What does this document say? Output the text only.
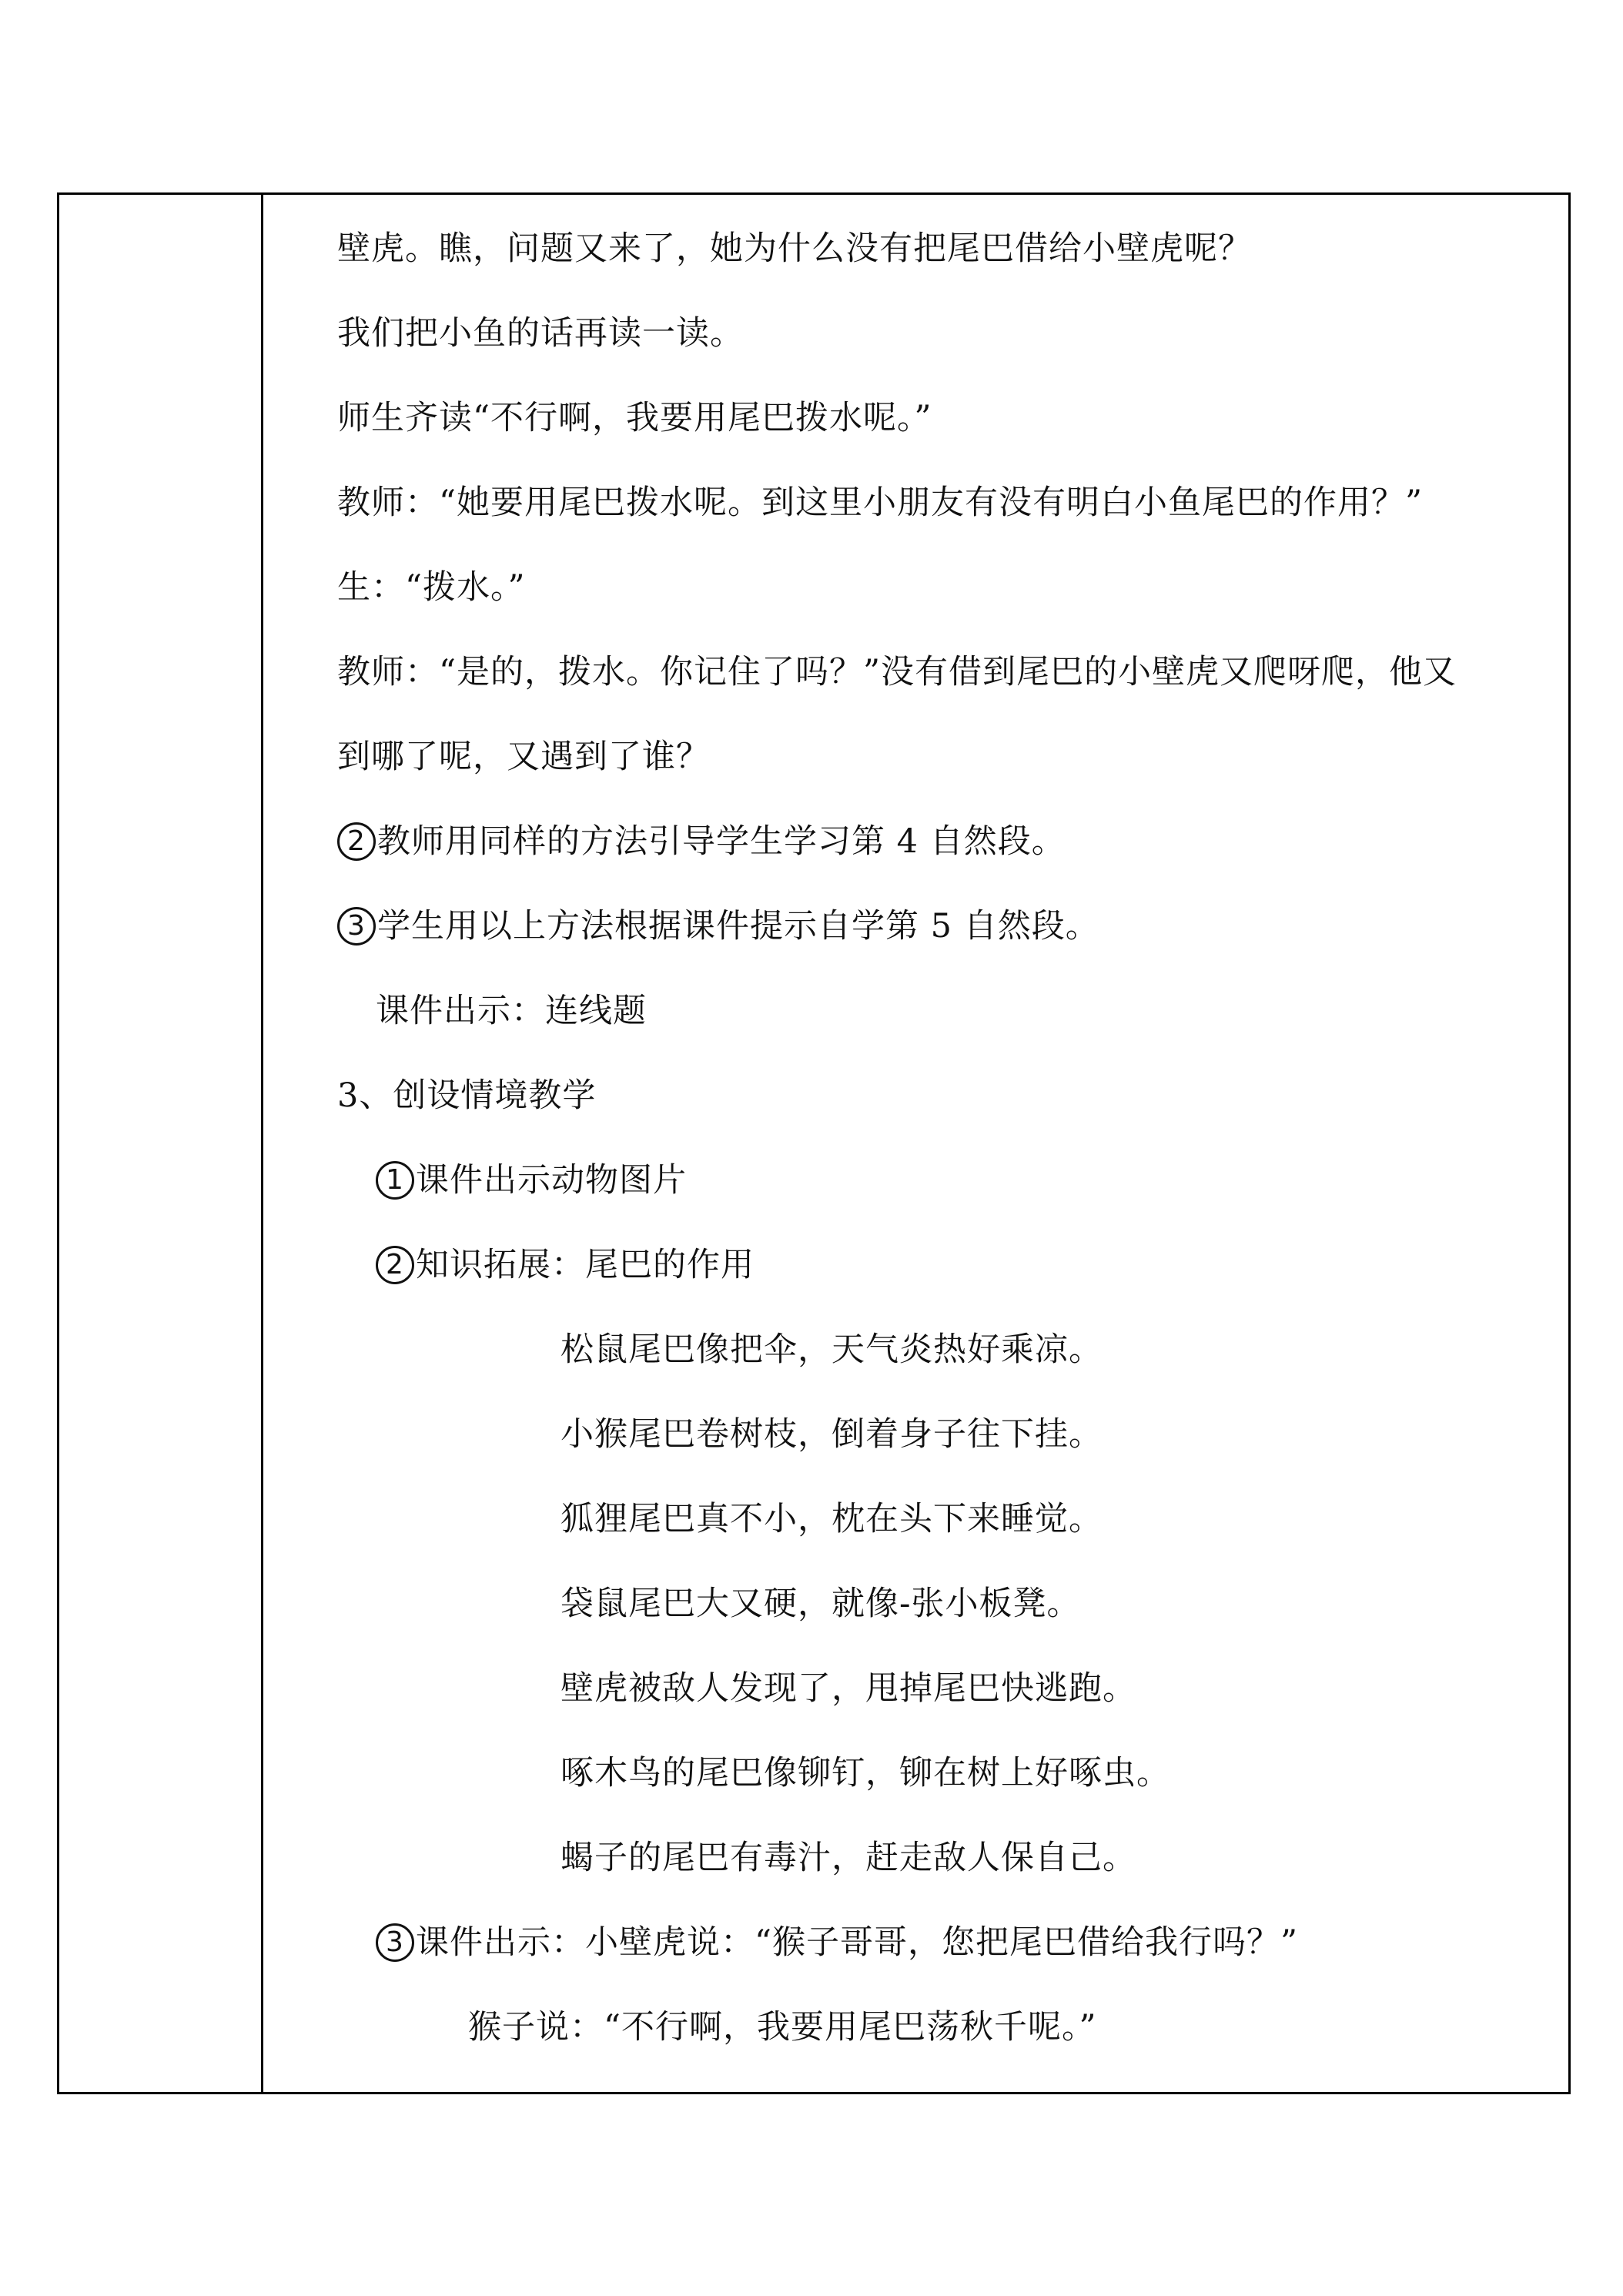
壁虎。瞧，问题又来了，她为什么没有把尾巴借给小壁虎呢？
我们把小鱼的话再读一读。
师生齐读“不行啊，我要用尾巴拨水呢。”
教师：“她要用尾巴拨水呢。到这里小朋友有没有明白小鱼尾巴的作用？”
生：“拨水。”
教师：“是的，拨水。你记住了吗？”没有借到尾巴的小壁虎又爬呀爬，他又
到哪了呢，又遇到了谁？
2 教师用同样的方法引导学生学习第 4 自然段。
3 学生用以上方法根据课件提示自学第 5 自然段。
课件出示：连线题
3、创设情境教学
1 课件出示动物图片
2 知识拓展：尾巴的作用
松鼠尾巴像把伞，天气炎热好乘凉。
小猴尾巴卷树枝，倒着身子往下挂。
狐狸尾巴真不小，枕在头下来睡觉。
袋鼠尾巴大又硬，就像-张小板凳。
壁虎被敌人发现了，甩掉尾巴快逃跑。
啄木鸟的尾巴像铆钉，铆在树上好啄虫。
蝎子的尾巴有毒汁，赶走敌人保自己。
3 课件出示：小壁虎说：“猴子哥哥，您把尾巴借给我行吗？”
猴子说：“不行啊，我要用尾巴荡秋千呢。”
